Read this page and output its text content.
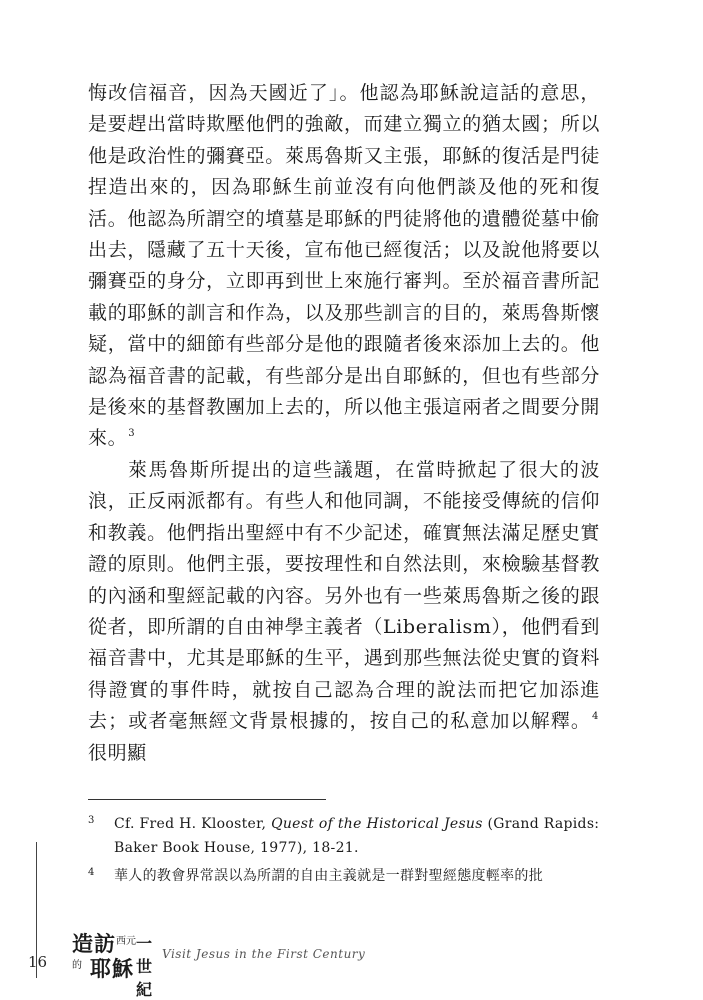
悔改信福音，因為天國近了」。他認為耶穌說這話的意思，是要趕出當時欺壓他們的強敵，而建立獨立的猶太國；所以他是政治性的彌賽亞。萊馬魯斯又主張，耶穌的復活是門徒捏造出來的，因為耶穌生前並沒有向他們談及他的死和復活。他認為所謂空的墳墓是耶穌的門徒將他的遺體從墓中偷出去，隱藏了五十天後，宣布他已經復活；以及說他將要以彌賽亞的身分，立即再到世上來施行審判。至於福音書所記載的耶穌的訓言和作為，以及那些訓言的目的，萊馬魯斯懷疑，當中的細節有些部分是他的跟隨者後來添加上去的。他認為福音書的記載，有些部分是出自耶穌的，但也有些部分是後來的基督教團加上去的，所以他主張這兩者之間要分開來。$^3$

萊馬魯斯所提出的這些議題，在當時掀起了很大的波浪，正反兩派都有。有些人和他同調，不能接受傳統的信仰和教義。他們指出聖經中有不少記述，確實無法滿足歷史實證的原則。他們主張，要按理性和自然法則，來檢驗基督教的內涵和聖經記載的內容。另外也有一些萊馬魯斯之後的跟從者，即所謂的自由神學主義者（Liberalism），他們看到福音書中，尤其是耶穌的生平，遇到那些無法從史實的資料得證實的事件時，就按自己認為合理的說法而把它加添進去；或者毫無經文背景根據的，按自己的私意加以解釋。$^4$很明顯

3 Cf. Fred H. Klooster, Quest of the Historical Jesus (Grand Rapids: Baker Book House, 1977), 18-21.
4 華人的教會界常誤以為所謂的自由主義就是一群對聖經態度輕率的批
16
造訪 西元 一世紀
的 耶穌
Visit Jesus in the First Century
